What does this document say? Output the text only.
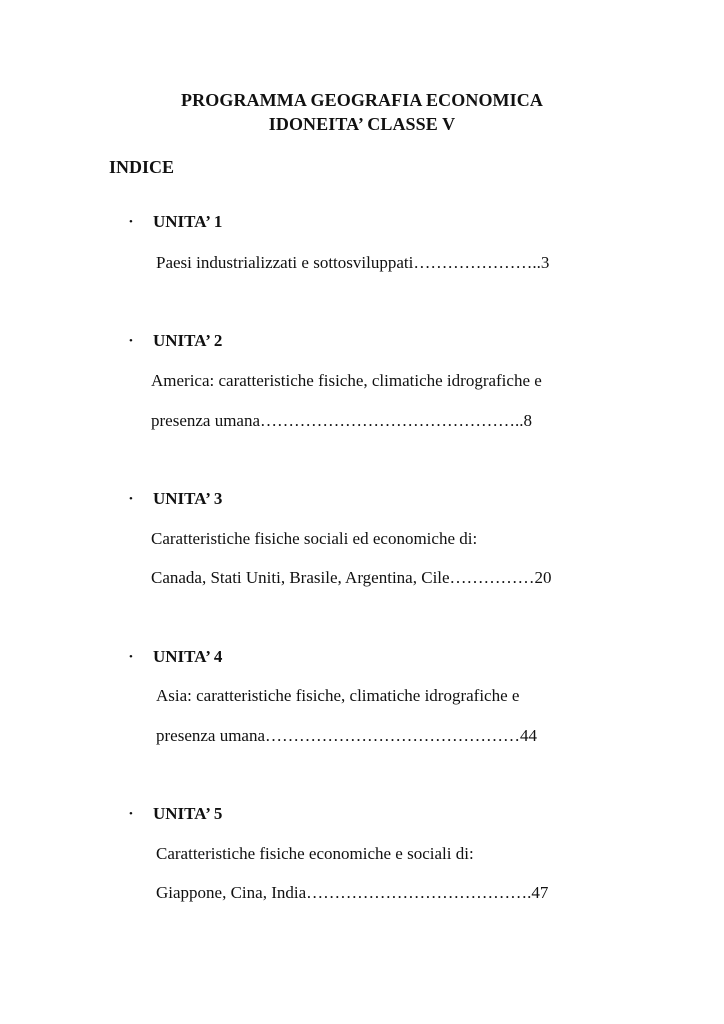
PROGRAMMA GEOGRAFIA ECONOMICA
IDONEITA’ CLASSE V
INDICE
• UNITA’ 1
Paesi industrializzati e sottosviluppati…………………..3
• UNITA’ 2
America: caratteristiche fisiche, climatiche idrografiche e
presenza umana………………………………………..8
• UNITA’ 3
Caratteristiche fisiche sociali ed economiche di:
Canada, Stati Uniti, Brasile, Argentina, Cile……………20
• UNITA’ 4
Asia: caratteristiche fisiche, climatiche idrografiche e
presenza umana………………………………………44
• UNITA’ 5
Caratteristiche fisiche economiche e sociali di:
Giappone, Cina, India………………………………….47
